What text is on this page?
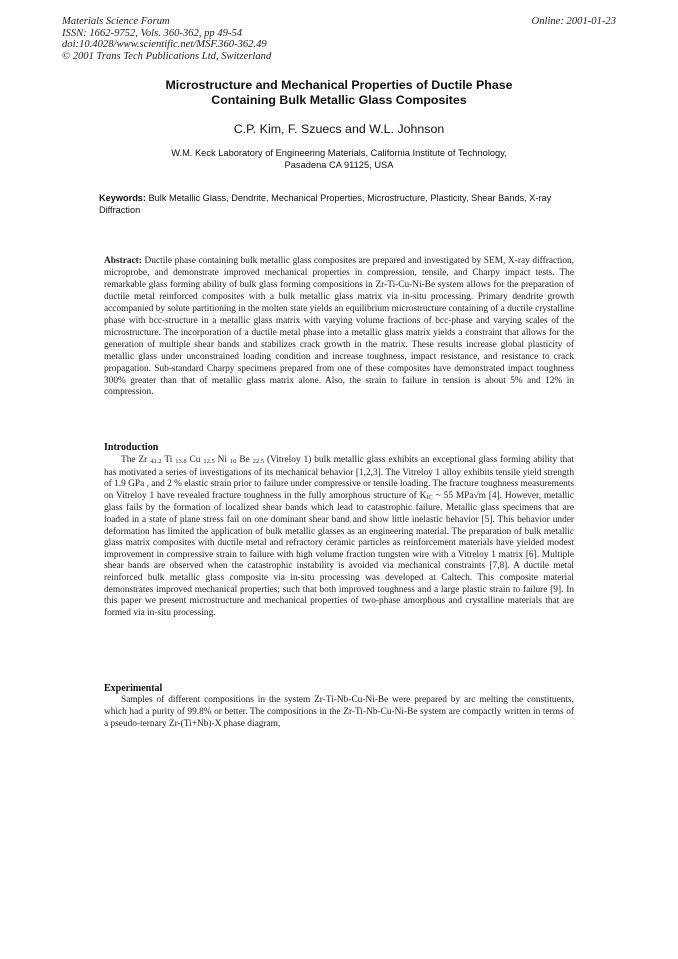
Materials Science Forum
ISSN: 1662-9752, Vols. 360-362, pp 49-54
doi:10.4028/www.scientific.net/MSF.360-362.49
© 2001 Trans Tech Publications Ltd, Switzerland
Online: 2001-01-23
Microstructure and Mechanical Properties of Ductile Phase
Containing Bulk Metallic Glass Composites
C.P. Kim, F. Szuecs and W.L. Johnson
W.M. Keck Laboratory of Engineering Materials, California Institute of Technology,
Pasadena CA 91125, USA
Keywords: Bulk Metallic Glass, Dendrite, Mechanical Properties, Microstructure, Plasticity, Shear Bands, X-ray Diffraction
Abstract: Ductile phase containing bulk metallic glass composites are prepared and investigated by SEM, X-ray diffraction, microprobe, and demonstrate improved mechanical properties in compression, tensile, and Charpy impact tests. The remarkable glass forming ability of bulk glass forming compositions in Zr-Ti-Cu-Ni-Be system allows for the preparation of ductile metal reinforced composites with a bulk metallic glass matrix via in-situ processing. Primary dendrite growth accompanied by solute partitioning in the molten state yields an equilibrium microstructure containing of a ductile crystalline phase with bcc-structure in a metallic glass matrix with varying volume fractions of bcc-phase and varying scales of the microstructure. The incorporation of a ductile metal phase into a metallic glass matrix yields a constraint that allows for the generation of multiple shear bands and stabilizes crack growth in the matrix. These results increase global plasticity of metallic glass under unconstrained loading condition and increase toughness, impact resistance, and resistance to crack propagation. Sub-standard Charpy specimens prepared from one of these composites have demonstrated impact toughness 300% greater than that of metallic glass matrix alone. Also, the strain to failure in tension is about 5% and 12% in compression.
Introduction
The Zr $_{41.2}$ Ti $_{13.8}$ Cu $_{12.5}$ Ni $_{10}$ Be $_{22.5}$ (Vitreloy 1) bulk metallic glass exhibits an exceptional glass forming ability that has motivated a series of investigations of its mechanical behavior [1,2,3]. The Vitreloy 1 alloy exhibits tensile yield strength of 1.9 GPa , and 2 % elastic strain prior to failure under compressive or tensile loading. The fracture toughness measurements on Vitreloy 1 have revealed fracture toughness in the fully amorphous structure of $K_{IC}$ ~ 55 MPa√m [4]. However, metallic glass fails by the formation of localized shear bands which lead to catastrophic failure. Metallic glass specimens that are loaded in a state of plane stress fail on one dominant shear band and show little inelastic behavior [5]. This behavior under deformation has limited the application of bulk metallic glasses as an engineering material. The preparation of bulk metallic glass matrix composites with ductile metal and refractory ceramic particles as reinforcement materials have yielded modest improvement in compressive strain to failure with high volume fraction tungsten wire with a Vitreloy 1 matrix [6]. Multiple shear bands are observed when the catastrophic instability is avoided via mechanical constraints [7,8]. A ductile metal reinforced bulk metallic glass composite via in-situ processing was developed at Caltech. This composite material demonstrates improved mechanical properties; such that both improved toughness and a large plastic strain to failure [9]. In this paper we present microstructure and mechanical properties of two-phase amorphous and crystalline materials that are formed via in-situ processing.
Experimental
Samples of different compositions in the system Zr-Ti-Nb-Cu-Ni-Be were prepared by arc melting the constituents, which had a purity of 99.8% or better. The compositions in the Zr-Ti-Nb-Cu-Ni-Be system are compactly written in terms of a pseudo-ternary Zr-(Ti+Nb)-X phase diagram,
